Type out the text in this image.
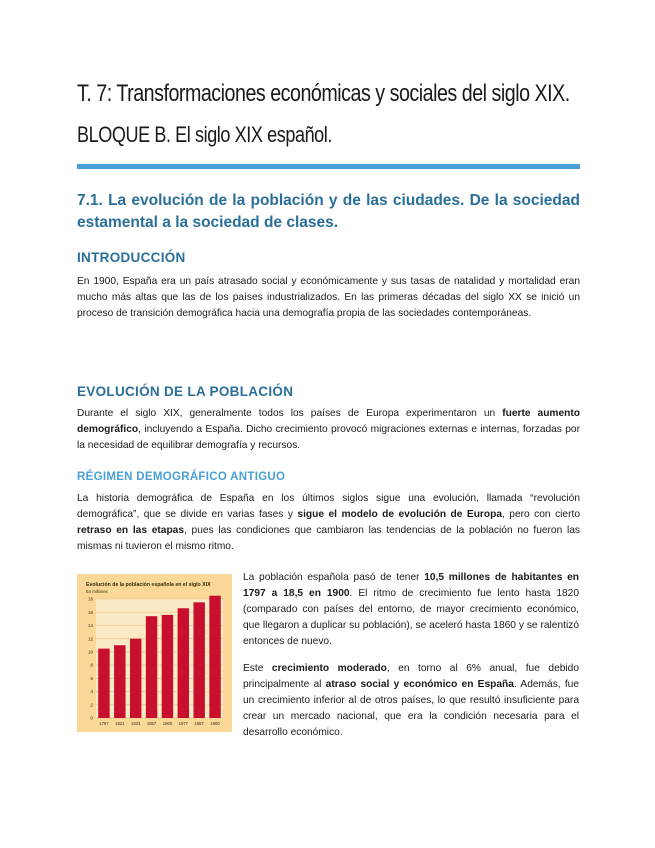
T. 7: Transformaciones económicas y sociales del siglo XIX.
BLOQUE B. El siglo XIX español.
7.1. La evolución de la población y de las ciudades. De la sociedad estamental a la sociedad de clases.
INTRODUCCIÓN

En 1900, España era un país atrasado social y económicamente y sus tasas de natalidad y mortalidad eran mucho más altas que las de los países industrializados. En las primeras décadas del siglo XX se inició un proceso de transición demográfica hacia una demografía propia de las sociedades contemporáneas.

EVOLUCIÓN DE LA POBLACIÓN

Durante el siglo XIX, generalmente todos los países de Europa experimentaron un fuerte aumento demográfico, incluyendo a España. Dicho crecimiento provocó migraciones externas e internas, forzadas por la necesidad de equilibrar demografía y recursos.

RÉGIMEN DEMOGRÁFICO ANTIGUO

La historia demográfica de España en los últimos siglos sigue una evolución, llamada “revolución demográfica”, que se divide en varias fases y sigue el modelo de evolución de Europa, pero con cierto retraso en las etapas, pues las condiciones que cambiaron las tendencias de la población no fueron las mismas ni tuvieron el mismo ritmo.

Evolución de la población española en el siglo XIX
En millones
0
2
4
6
8
10
12
14
16
18
1797 1821 1833 1857 1860 1877 1887 1900

La población española pasó de tener 10,5 millones de habitantes en 1797 a 18,5 en 1900. El ritmo de crecimiento fue lento hasta 1820 (comparado con países del entorno, de mayor crecimiento económico, que llegaron a duplicar su población), se aceleró hasta 1860 y se ralentizó entonces de nuevo.

Este crecimiento moderado, en torno al 6% anual, fue debido principalmente al atraso social y económico en España. Además, fue un crecimiento inferior al de otros países, lo que resultó insuficiente para crear un mercado nacional, que era la condición necesaria para el desarrollo económico.
